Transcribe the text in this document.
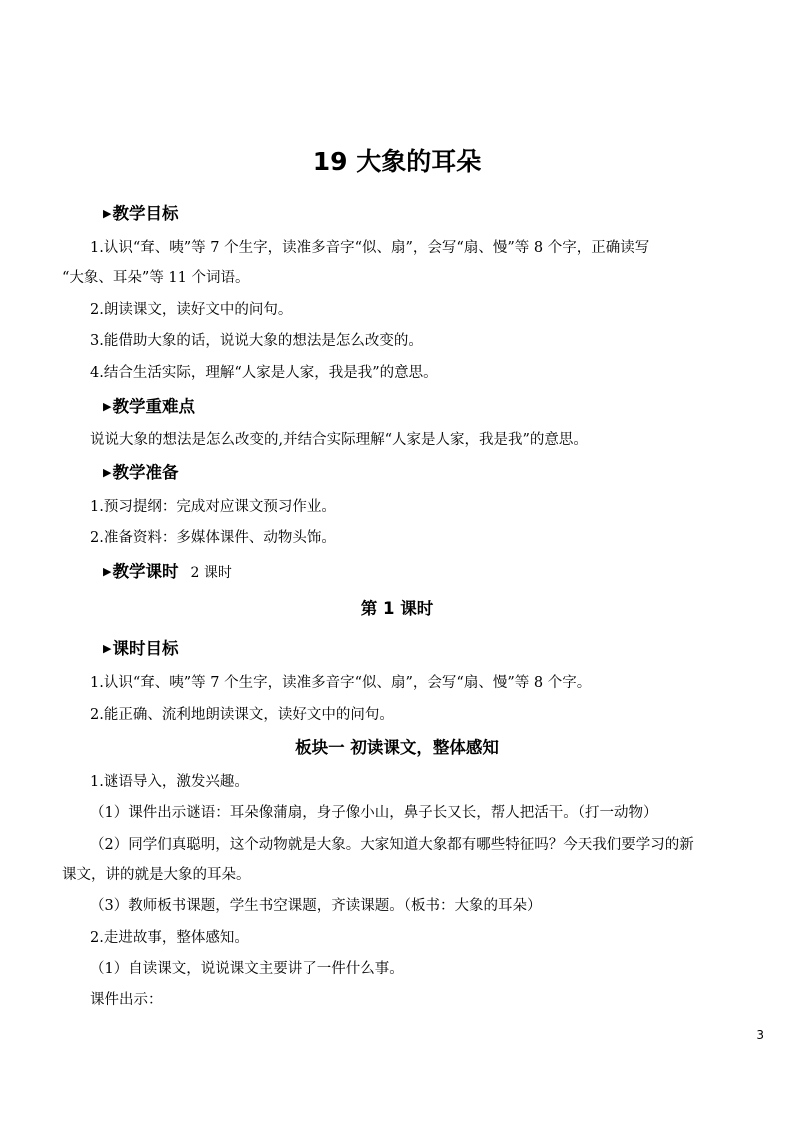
19 大象的耳朵
▶教学目标
1.认识“耷、咦”等 7 个生字，读准多音字“似、扇”，会写“扇、慢”等 8 个字，正确读写
“大象、耳朵”等 11 个词语。
2.朗读课文，读好文中的问句。
3.能借助大象的话，说说大象的想法是怎么改变的。
4.结合生活实际，理解“人家是人家，我是我”的意思。
▶教学重难点
说说大象的想法是怎么改变的,并结合实际理解“人家是人家，我是我”的意思。
▶教学准备
1.预习提纲：完成对应课文预习作业。
2.准备资料：多媒体课件、动物头饰。
▶教学课时 2 课时
第 1 课时
▶课时目标
1.认识“耷、咦”等 7 个生字，读准多音字“似、扇”，会写“扇、慢”等 8 个字。
2.能正确、流利地朗读课文，读好文中的问句。
板块一 初读课文，整体感知
1.谜语导入，激发兴趣。
（1）课件出示谜语：耳朵像蒲扇，身子像小山，鼻子长又长，帮人把活干。（打一动物）
（2）同学们真聪明，这个动物就是大象。大家知道大象都有哪些特征吗？今天我们要学习的新
课文，讲的就是大象的耳朵。
（3）教师板书课题，学生书空课题，齐读课题。（板书：大象的耳朵）
2.走进故事，整体感知。
（1）自读课文，说说课文主要讲了一件什么事。
课件出示：
3
